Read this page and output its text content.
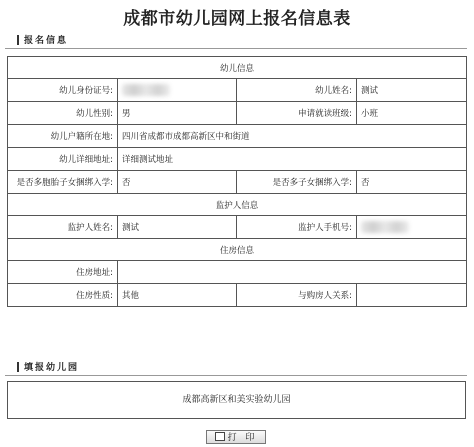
成都市幼儿园网上报名信息表
报名信息
幼儿信息			
幼儿身份证号:		幼儿姓名:	测试
幼儿性别:	男	申请就读班级:	小班
幼儿户籍所在地:	四川省成都市成都高新区中和街道		
幼儿详细地址:	详细测试地址		
是否多胞胎子女捆绑入学:	否	是否多子女捆绑入学:	否
监护人信息			
监护人姓名:	测试	监护人手机号:	
住房信息			
住房地址:			
住房性质:	其他	与购房人关系:	
填报幼儿园
成都高新区和美实验幼儿园
打 印
